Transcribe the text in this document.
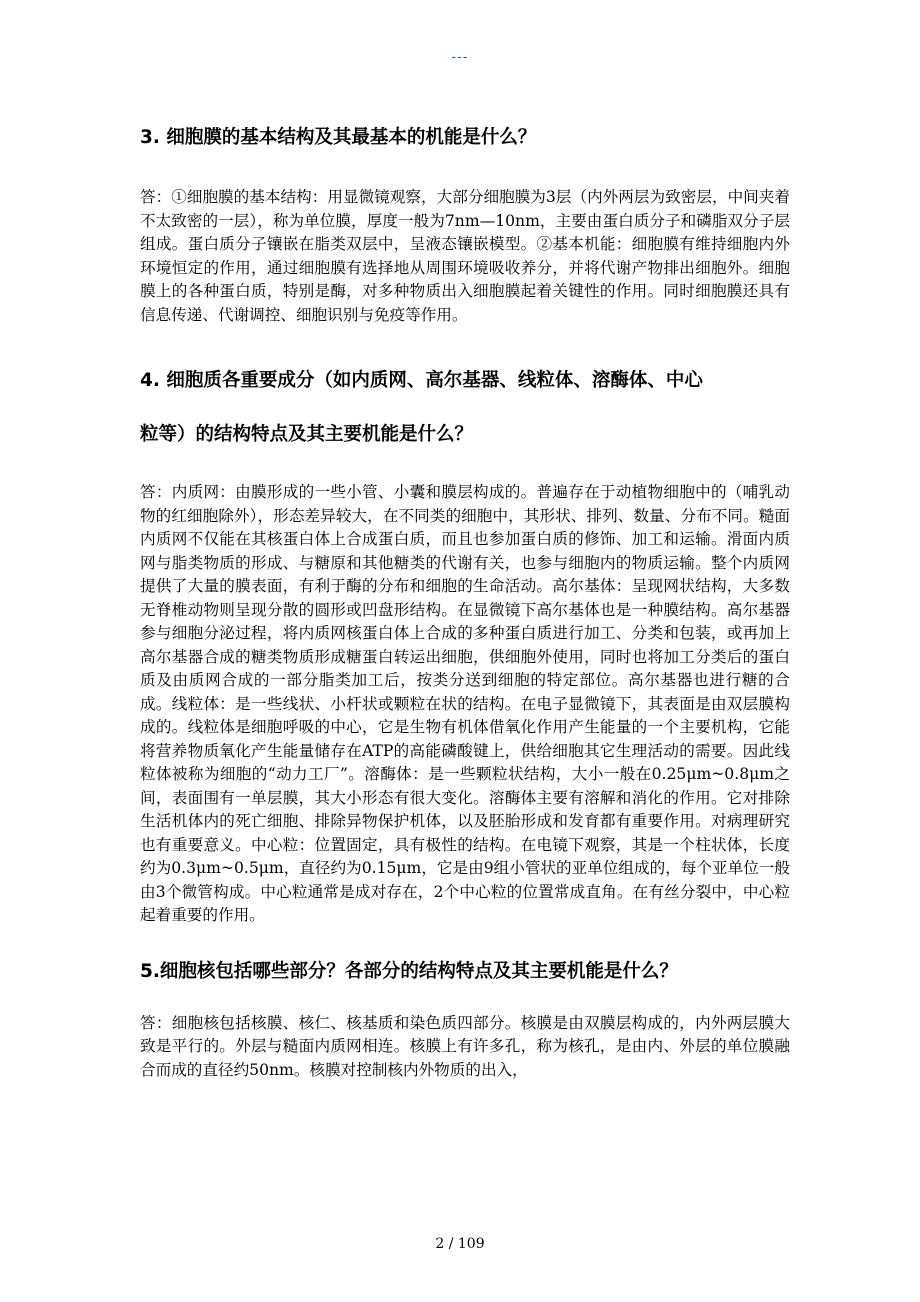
---

3. 细胞膜的基本结构及其最基本的机能是什么？

答：①细胞膜的基本结构：用显微镜观察，大部分细胞膜为3层（内外两层为致密层，中间夹着不太致密的一层），称为单位膜，厚度一般为7nm—10nm，主要由蛋白质分子和磷脂双分子层组成。蛋白质分子镶嵌在脂类双层中，呈液态镶嵌模型。②基本机能：细胞膜有维持细胞内外环境恒定的作用，通过细胞膜有选择地从周围环境吸收养分，并将代谢产物排出细胞外。细胞膜上的各种蛋白质，特别是酶，对多种物质出入细胞膜起着关键性的作用。同时细胞膜还具有信息传递、代谢调控、细胞识别与免疫等作用。

4. 细胞质各重要成分（如内质网、高尔基器、线粒体、溶酶体、中心

粒等）的结构特点及其主要机能是什么？

答：内质网：由膜形成的一些小管、小囊和膜层构成的。普遍存在于动植物细胞中的（哺乳动物的红细胞除外），形态差异较大，在不同类的细胞中，其形状、排列、数量、分布不同。糙面内质网不仅能在其核蛋白体上合成蛋白质，而且也参加蛋白质的修饰、加工和运输。滑面内质网与脂类物质的形成、与糖原和其他糖类的代谢有关，也参与细胞内的物质运输。整个内质网提供了大量的膜表面，有利于酶的分布和细胞的生命活动。高尔基体：呈现网状结构，大多数无脊椎动物则呈现分散的圆形或凹盘形结构。在显微镜下高尔基体也是一种膜结构。高尔基器参与细胞分泌过程，将内质网核蛋白体上合成的多种蛋白质进行加工、分类和包装，或再加上高尔基器合成的糖类物质形成糖蛋白转运出细胞，供细胞外使用，同时也将加工分类后的蛋白质及由质网合成的一部分脂类加工后，按类分送到细胞的特定部位。高尔基器也进行糖的合成。线粒体：是一些线状、小杆状或颗粒在状的结构。在电子显微镜下，其表面是由双层膜构成的。线粒体是细胞呼吸的中心，它是生物有机体借氧化作用产生能量的一个主要机构，它能将营养物质氧化产生能量储存在ATP的高能磷酸键上，供给细胞其它生理活动的需要。因此线粒体被称为细胞的“动力工厂”。溶酶体：是一些颗粒状结构，大小一般在0.25μm~0.8μm之间，表面围有一单层膜，其大小形态有很大变化。溶酶体主要有溶解和消化的作用。它对排除生活机体内的死亡细胞、排除异物保护机体，以及胚胎形成和发育都有重要作用。对病理研究也有重要意义。中心粒：位置固定，具有极性的结构。在电镜下观察，其是一个柱状体，长度约为0.3μm~0.5μm，直径约为0.15μm，它是由9组小管状的亚单位组成的，每个亚单位一般由3个微管构成。中心粒通常是成对存在，2个中心粒的位置常成直角。在有丝分裂中，中心粒起着重要的作用。

5.细胞核包括哪些部分？各部分的结构特点及其主要机能是什么？

答：细胞核包括核膜、核仁、核基质和染色质四部分。核膜是由双膜层构成的，内外两层膜大致是平行的。外层与糙面内质网相连。核膜上有许多孔，称为核孔，是由内、外层的单位膜融合而成的直径约50nm。核膜对控制核内外物质的出入，

2 / 109
